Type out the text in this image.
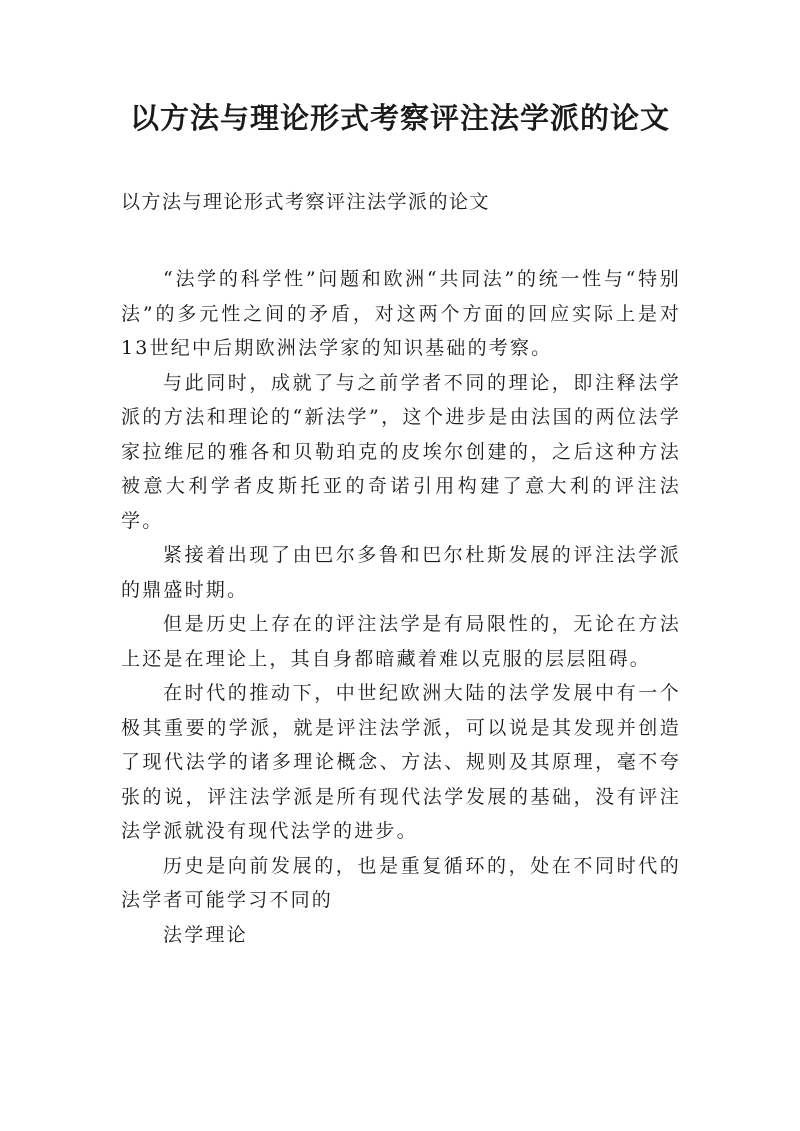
以方法与理论形式考察评注法学派的论文

以方法与理论形式考察评注法学派的论文

“法学的科学性”问题和欧洲“共同法”的统一性与“特别法”的多元性之间的矛盾，对这两个方面的回应实际上是对13世纪中后期欧洲法学家的知识基础的考察。

与此同时，成就了与之前学者不同的理论，即注释法学派的方法和理论的“新法学”，这个进步是由法国的两位法学家拉维尼的雅各和贝勒珀克的皮埃尔创建的，之后这种方法被意大利学者皮斯托亚的奇诺引用构建了意大利的评注法学。

紧接着出现了由巴尔多鲁和巴尔杜斯发展的评注法学派的鼎盛时期。

但是历史上存在的评注法学是有局限性的，无论在方法上还是在理论上，其自身都暗藏着难以克服的层层阻碍。

在时代的推动下，中世纪欧洲大陆的法学发展中有一个极其重要的学派，就是评注法学派，可以说是其发现并创造了现代法学的诸多理论概念、方法、规则及其原理，毫不夸张的说，评注法学派是所有现代法学发展的基础，没有评注法学派就没有现代法学的进步。

历史是向前发展的，也是重复循环的，处在不同时代的法学者可能学习不同的

法学理论
